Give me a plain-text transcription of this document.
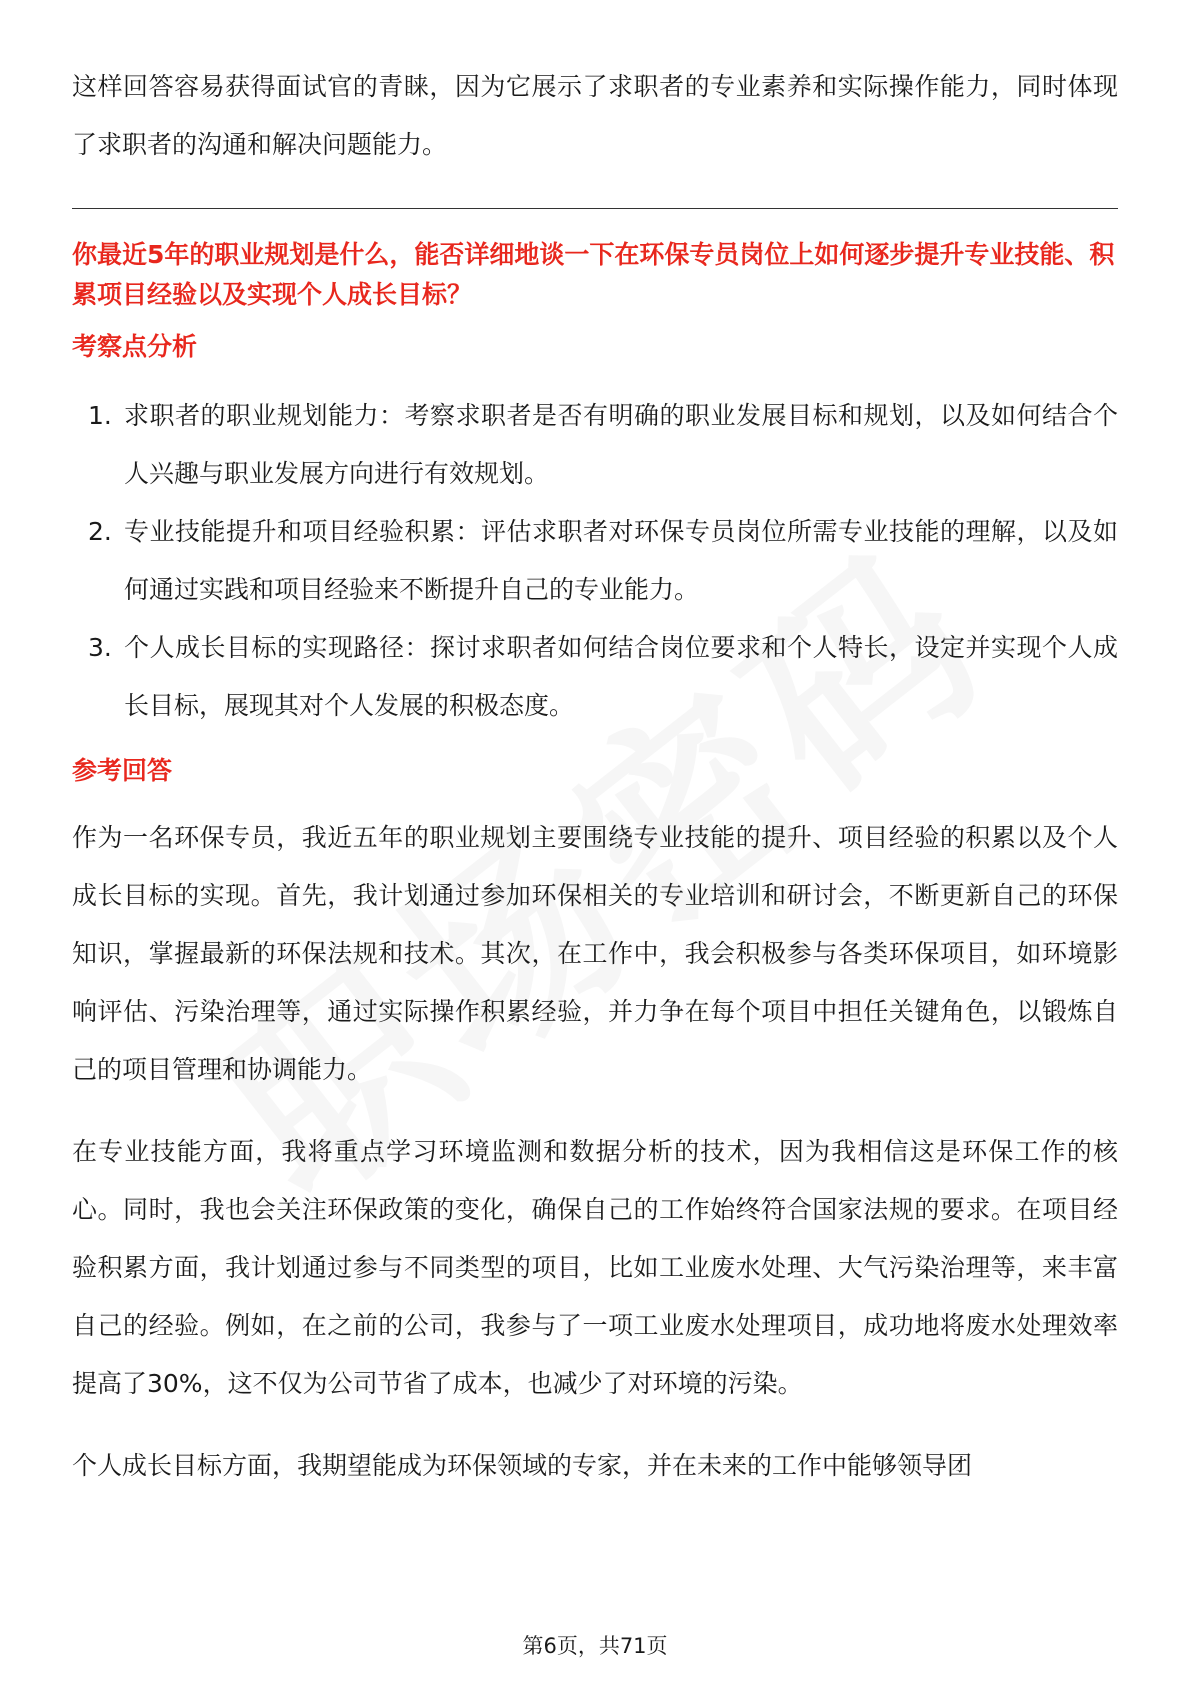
这样回答容易获得面试官的青睐，因为它展示了求职者的专业素养和实际操作能力，同时体现了求职者的沟通和解决问题能力。

你最近5年的职业规划是什么，能否详细地谈一下在环保专员岗位上如何逐步提升专业技能、积累项目经验以及实现个人成长目标？
考察点分析
1. 求职者的职业规划能力：考察求职者是否有明确的职业发展目标和规划，以及如何结合个人兴趣与职业发展方向进行有效规划。
2. 专业技能提升和项目经验积累：评估求职者对环保专员岗位所需专业技能的理解，以及如何通过实践和项目经验来不断提升自己的专业能力。
3. 个人成长目标的实现路径：探讨求职者如何结合岗位要求和个人特长，设定并实现个人成长目标，展现其对个人发展的积极态度。
参考回答

作为一名环保专员，我近五年的职业规划主要围绕专业技能的提升、项目经验的积累以及个人成长目标的实现。首先，我计划通过参加环保相关的专业培训和研讨会，不断更新自己的环保知识，掌握最新的环保法规和技术。其次，在工作中，我会积极参与各类环保项目，如环境影响评估、污染治理等，通过实际操作积累经验，并力争在每个项目中担任关键角色，以锻炼自己的项目管理和协调能力。

在专业技能方面，我将重点学习环境监测和数据分析的技术，因为我相信这是环保工作的核心。同时，我也会关注环保政策的变化，确保自己的工作始终符合国家法规的要求。在项目经验积累方面，我计划通过参与不同类型的项目，比如工业废水处理、大气污染治理等，来丰富自己的经验。例如，在之前的公司，我参与了一项工业废水处理项目，成功地将废水处理效率提高了30%，这不仅为公司节省了成本，也减少了对环境的污染。

个人成长目标方面，我期望能成为环保领域的专家，并在未来的工作中能够领导团

第6页，共71页
